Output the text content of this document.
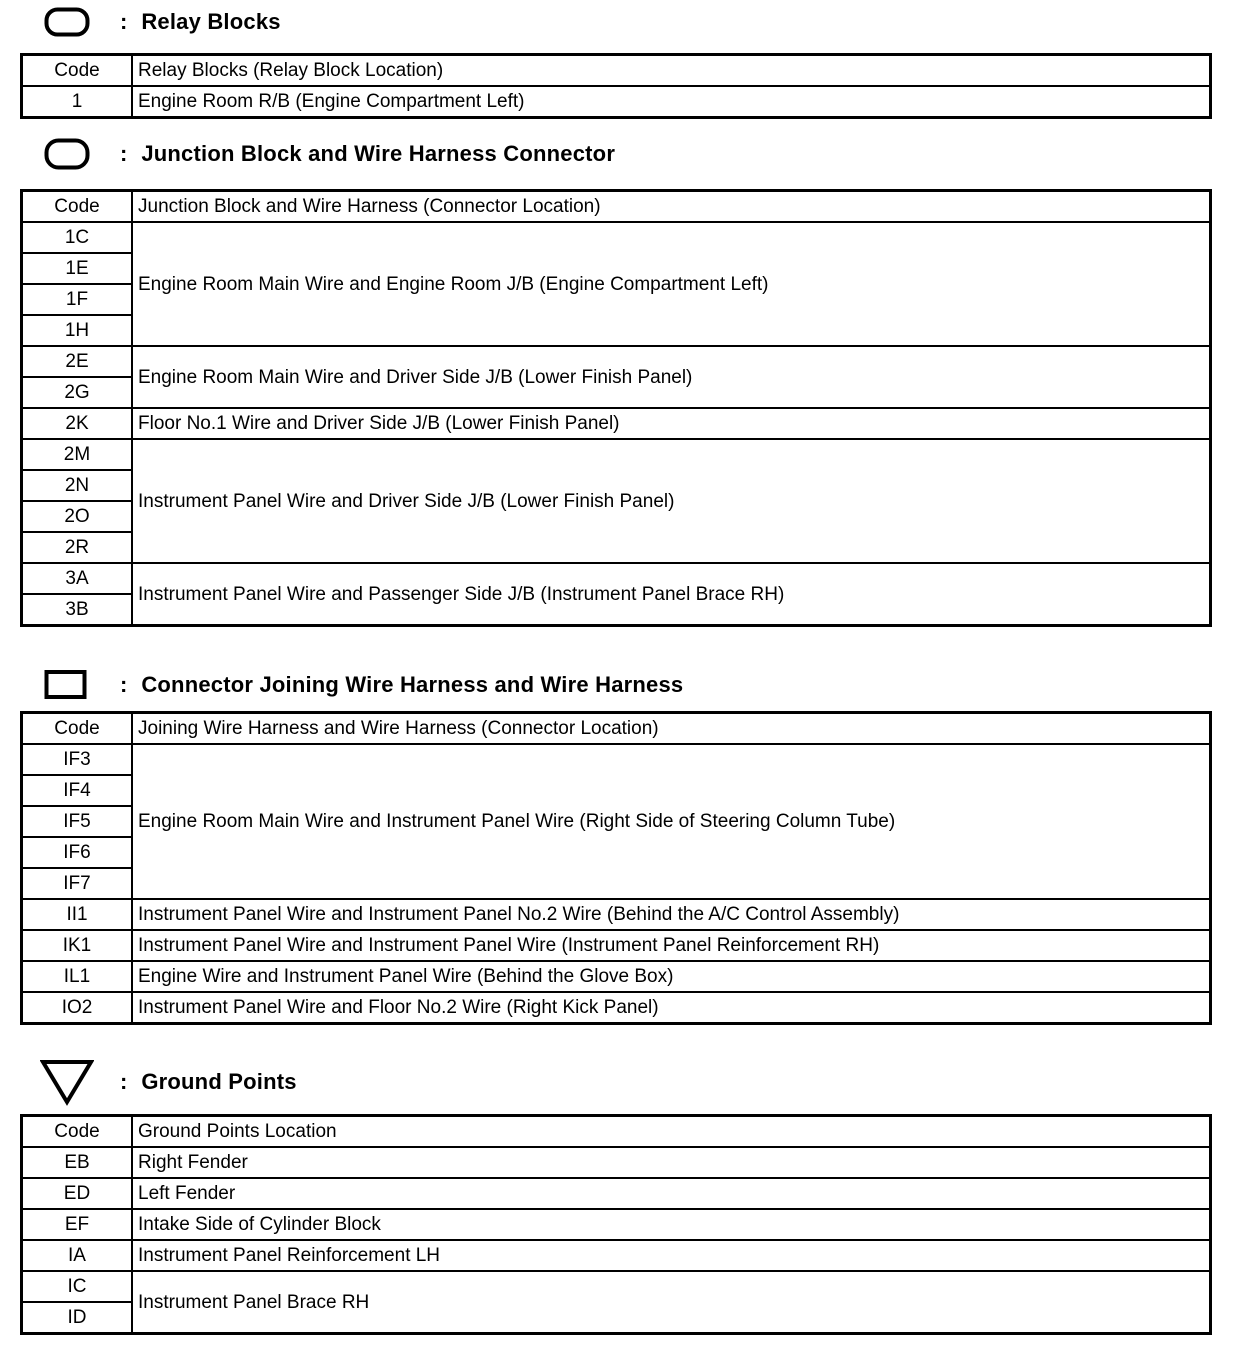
: Relay Blocks
Code	Relay Blocks (Relay Block Location)
1	Engine Room R/B (Engine Compartment Left)
: Junction Block and Wire Harness Connector
Code	Junction Block and Wire Harness (Connector Location)
1C	Engine Room Main Wire and Engine Room J/B (Engine Compartment Left)
1E	
1F	
1H	
2E	Engine Room Main Wire and Driver Side J/B (Lower Finish Panel)
2G	
2K	Floor No.1 Wire and Driver Side J/B (Lower Finish Panel)
2M	Instrument Panel Wire and Driver Side J/B (Lower Finish Panel)
2N	
2O	
2R	
3A	Instrument Panel Wire and Passenger Side J/B (Instrument Panel Brace RH)
3B	
: Connector Joining Wire Harness and Wire Harness
Code	Joining Wire Harness and Wire Harness (Connector Location)
IF3	Engine Room Main Wire and Instrument Panel Wire (Right Side of Steering Column Tube)
IF4	
IF5	
IF6	
IF7	
II1	Instrument Panel Wire and Instrument Panel No.2 Wire (Behind the A/C Control Assembly)
IK1	Instrument Panel Wire and Instrument Panel Wire (Instrument Panel Reinforcement RH)
IL1	Engine Wire and Instrument Panel Wire (Behind the Glove Box)
IO2	Instrument Panel Wire and Floor No.2 Wire (Right Kick Panel)
: Ground Points
Code	Ground Points Location
EB	Right Fender
ED	Left Fender
EF	Intake Side of Cylinder Block
IA	Instrument Panel Reinforcement LH
IC	Instrument Panel Brace RH
ID	
